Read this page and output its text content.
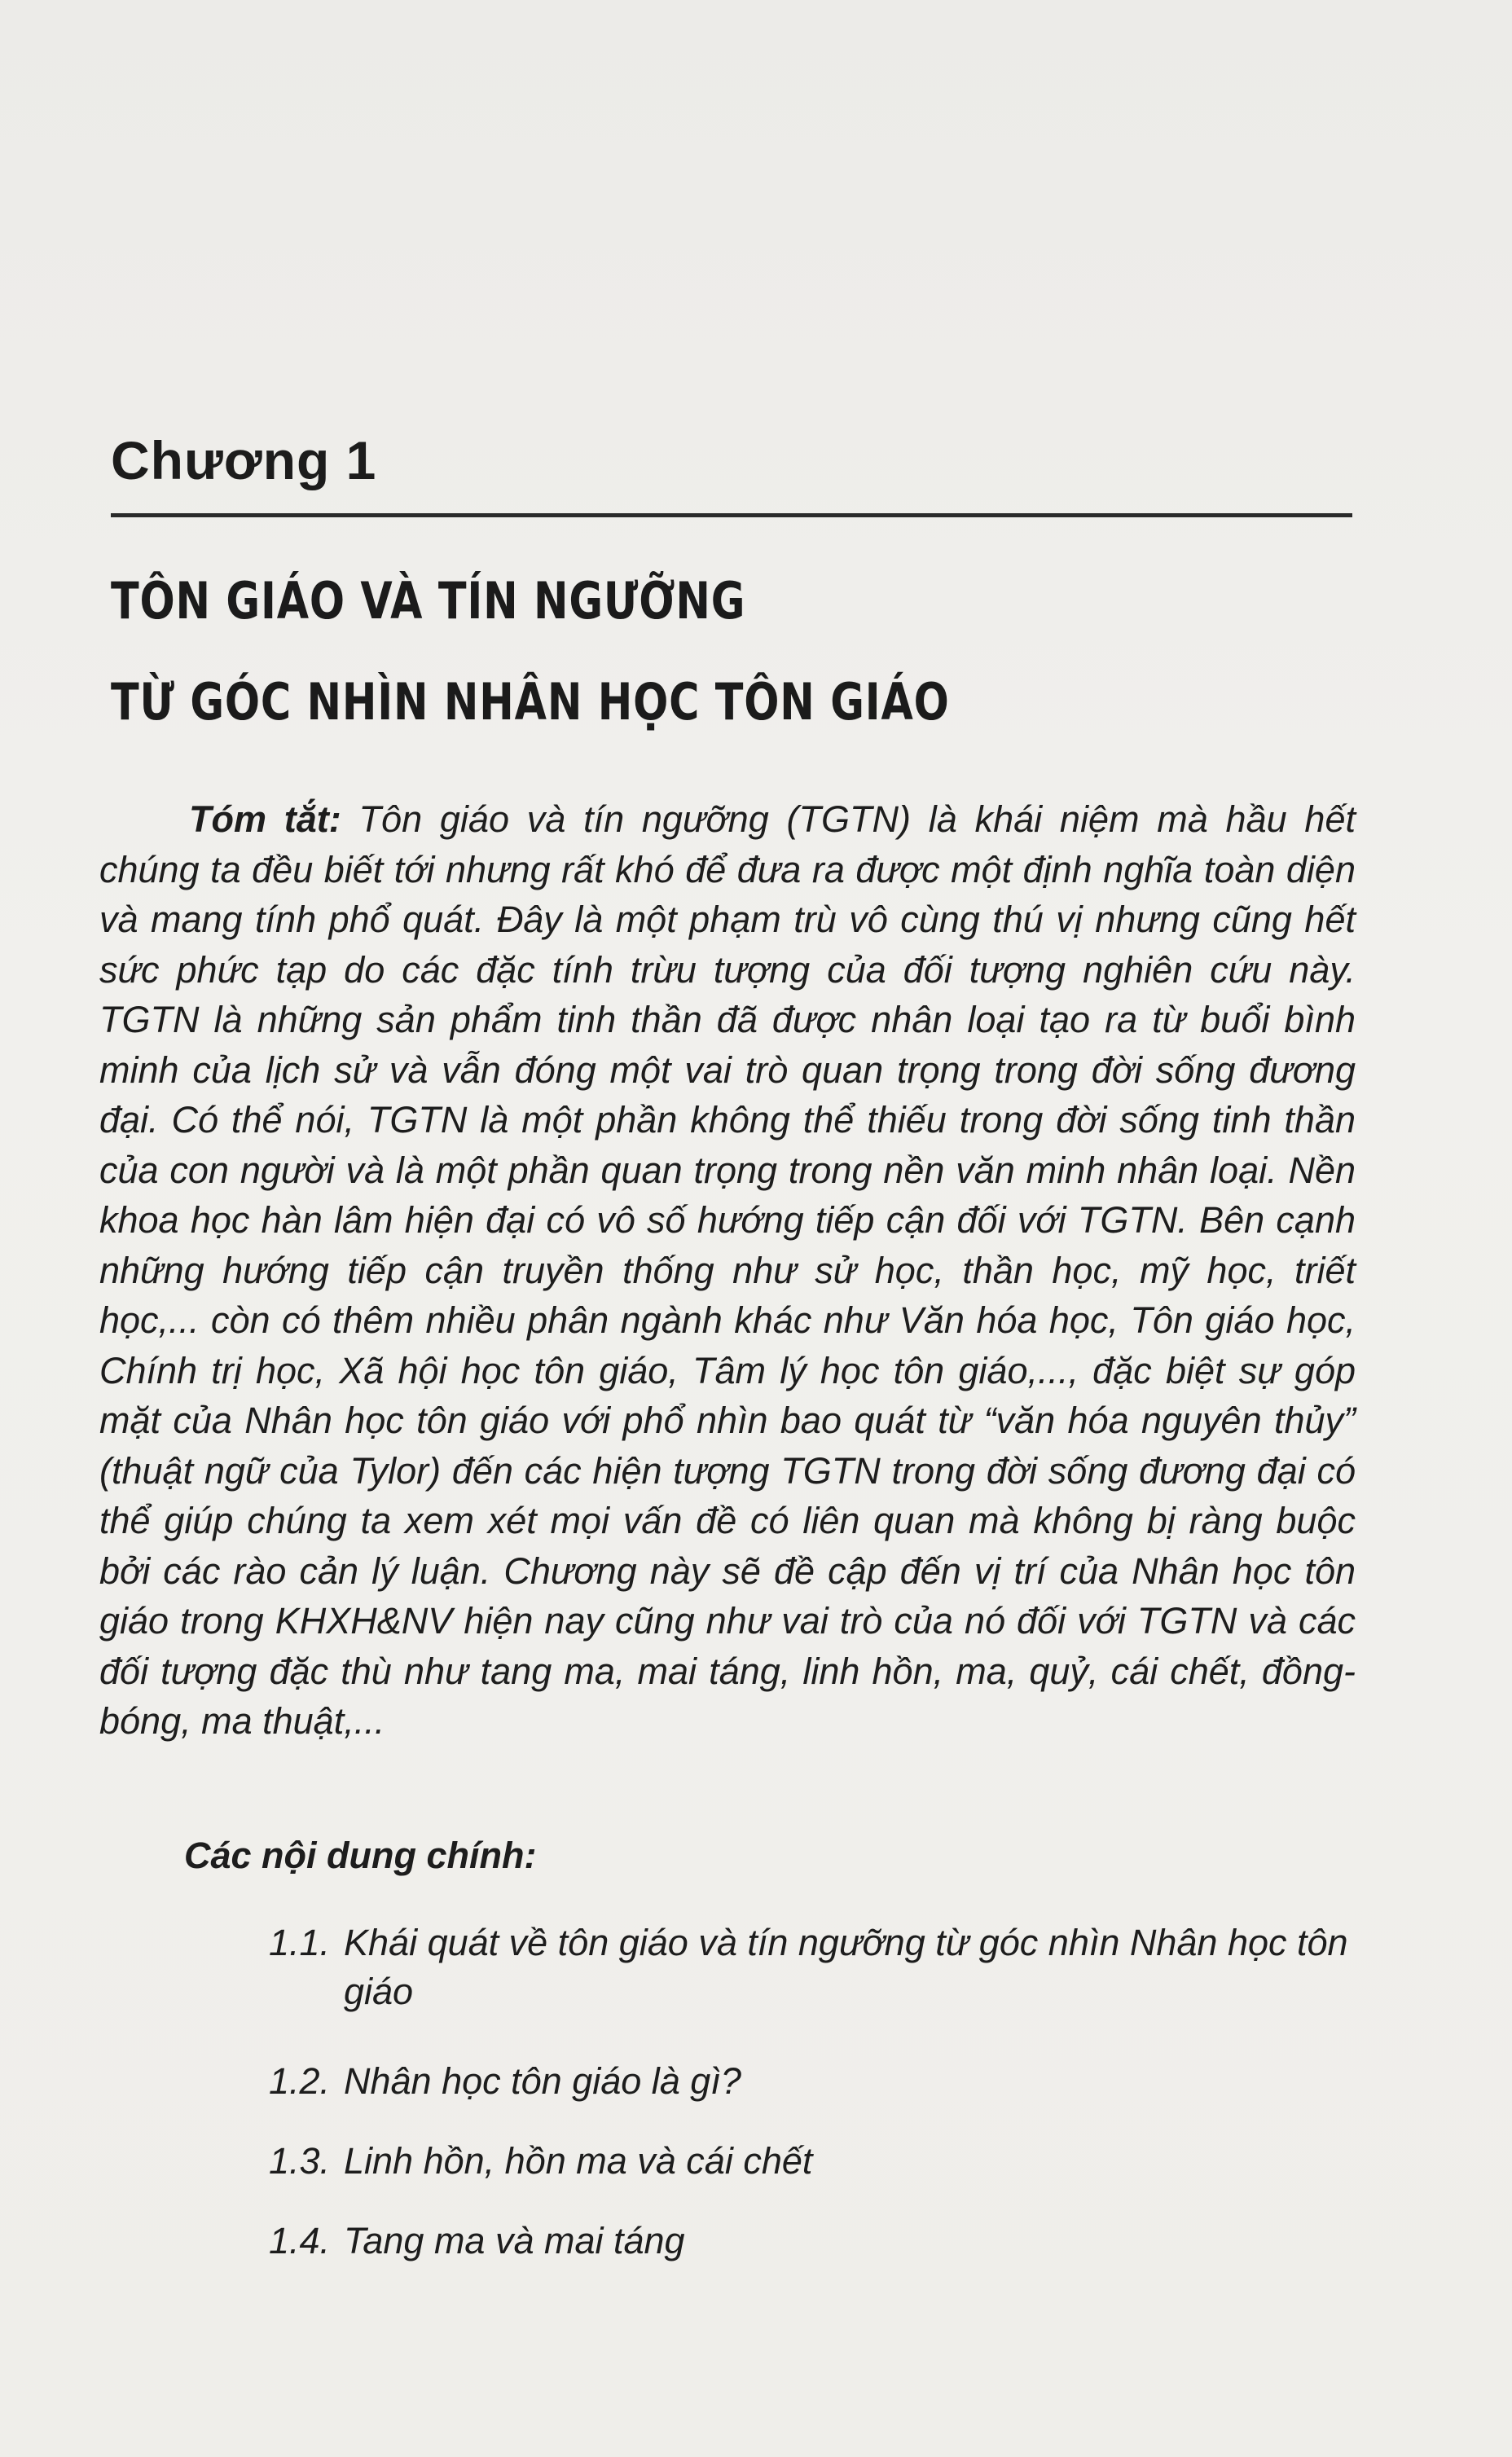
Chương 1
TÔN GIÁO VÀ TÍN NGƯỠNG
TỪ GÓC NHÌN NHÂN HỌC TÔN GIÁO
Tóm tắt: Tôn giáo và tín ngưỡng (TGTN) là khái niệm mà hầu hết chúng ta đều biết tới nhưng rất khó để đưa ra được một định nghĩa toàn diện và mang tính phổ quát. Đây là một phạm trù vô cùng thú vị nhưng cũng hết sức phức tạp do các đặc tính trừu tượng của đối tượng nghiên cứu này. TGTN là những sản phẩm tinh thần đã được nhân loại tạo ra từ buổi bình minh của lịch sử và vẫn đóng một vai trò quan trọng trong đời sống đương đại. Có thể nói, TGTN là một phần không thể thiếu trong đời sống tinh thần của con người và là một phần quan trọng trong nền văn minh nhân loại. Nền khoa học hàn lâm hiện đại có vô số hướng tiếp cận đối với TGTN. Bên cạnh những hướng tiếp cận truyền thống như sử học, thần học, mỹ học, triết học,... còn có thêm nhiều phân ngành khác như Văn hóa học, Tôn giáo học, Chính trị học, Xã hội học tôn giáo, Tâm lý học tôn giáo,..., đặc biệt sự góp mặt của Nhân học tôn giáo với phổ nhìn bao quát từ “văn hóa nguyên thủy” (thuật ngữ của Tylor) đến các hiện tượng TGTN trong đời sống đương đại có thể giúp chúng ta xem xét mọi vấn đề có liên quan mà không bị ràng buộc bởi các rào cản lý luận. Chương này sẽ đề cập đến vị trí của Nhân học tôn giáo trong KHXH&NV hiện nay cũng như vai trò của nó đối với TGTN và các đối tượng đặc thù như tang ma, mai táng, linh hồn, ma, quỷ, cái chết, đồng-bóng, ma thuật,...
Các nội dung chính:
1.1. Khái quát về tôn giáo và tín ngưỡng từ góc nhìn Nhân học tôn giáo
1.2. Nhân học tôn giáo là gì?
1.3. Linh hồn, hồn ma và cái chết
1.4. Tang ma và mai táng
